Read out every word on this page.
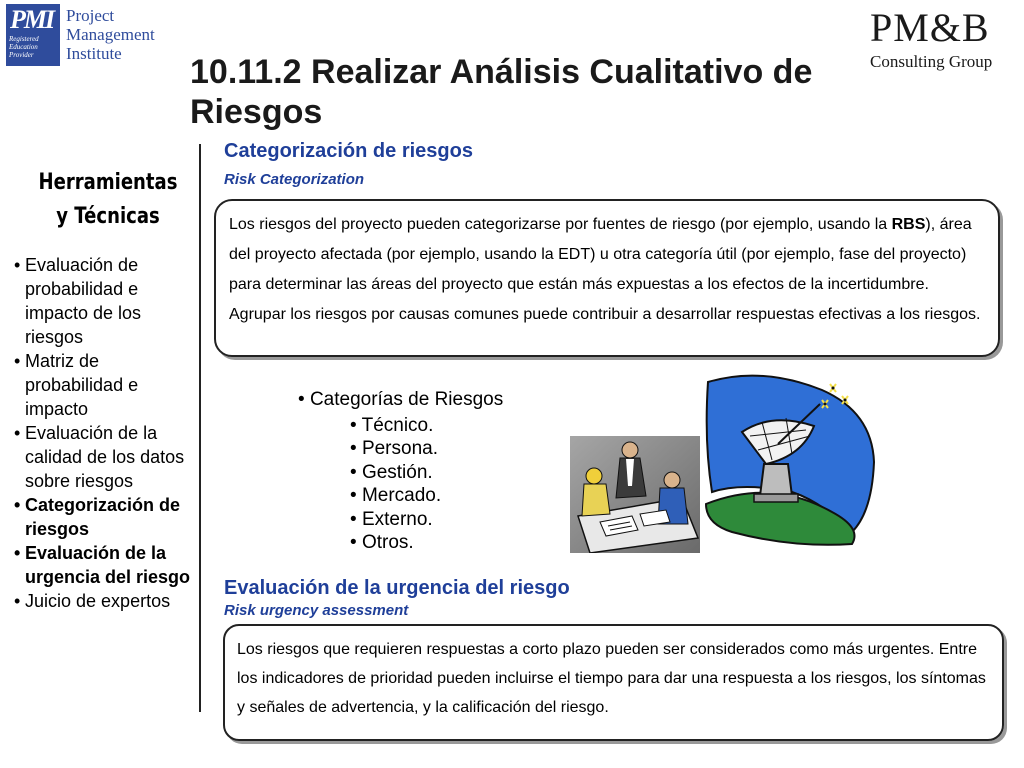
PMI
Registered
Education
Provider
Project
Management
Institute
PM&B
Consulting Group
10.11.2 Realizar Análisis Cualitativo de Riesgos
Herramientas
y Técnicas
• Evaluación de probabilidad e impacto de los riesgos
• Matriz de probabilidad e impacto
• Evaluación de la calidad de los datos sobre riesgos
• Categorización de riesgos
• Evaluación de la urgencia del riesgo
• Juicio de expertos
Categorización de riesgos
Risk Categorization

Los riesgos del proyecto pueden categorizarse por fuentes de riesgo (por ejemplo, usando la RBS), área del proyecto afectada (por ejemplo, usando la EDT) u otra categoría útil (por ejemplo, fase del proyecto) para determinar las áreas del proyecto que están más expuestas a los efectos de la incertidumbre. Agrupar los riesgos por causas comunes puede contribuir a desarrollar respuestas efectivas a los riesgos.

• Categorías de Riesgos
• Técnico.
• Persona.
• Gestión.
• Mercado.
• Externo.
• Otros.
Evaluación de la urgencia del riesgo
Risk urgency assessment

Los riesgos que requieren respuestas a corto plazo pueden ser considerados como más urgentes. Entre los indicadores de prioridad pueden incluirse el tiempo para dar una respuesta a los riesgos, los síntomas y señales de advertencia, y la calificación del riesgo.
